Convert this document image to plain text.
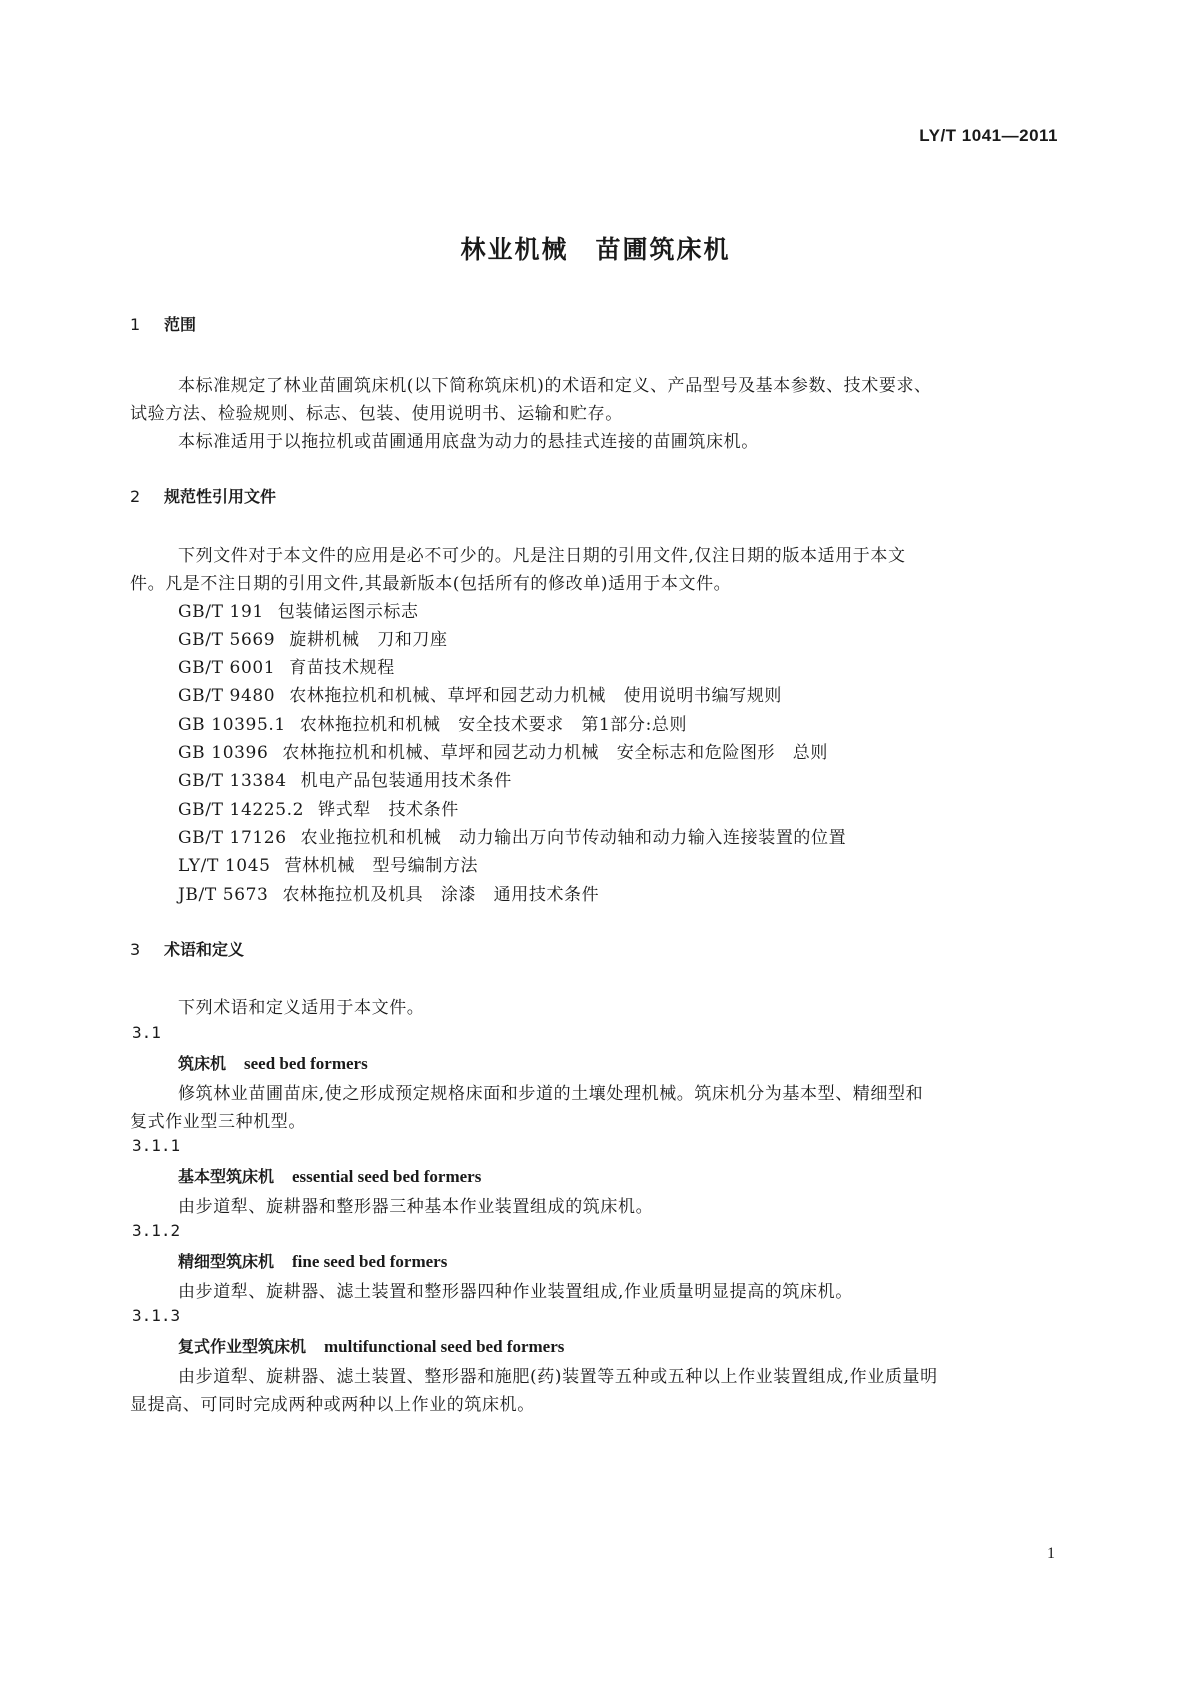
LY/T 1041—2011
林业机械　苗圃筑床机
1 范围
本标准规定了林业苗圃筑床机(以下简称筑床机)的术语和定义、产品型号及基本参数、技术要求、
试验方法、检验规则、标志、包装、使用说明书、运输和贮存。
本标准适用于以拖拉机或苗圃通用底盘为动力的悬挂式连接的苗圃筑床机。
2 规范性引用文件
下列文件对于本文件的应用是必不可少的。凡是注日期的引用文件,仅注日期的版本适用于本文
件。凡是不注日期的引用文件,其最新版本(包括所有的修改单)适用于本文件。
GB/T 191 包装储运图示标志
GB/T 5669 旋耕机械　刀和刀座
GB/T 6001 育苗技术规程
GB/T 9480 农林拖拉机和机械、草坪和园艺动力机械　使用说明书编写规则
GB 10395.1 农林拖拉机和机械　安全技术要求　第1部分:总则
GB 10396 农林拖拉机和机械、草坪和园艺动力机械　安全标志和危险图形　总则
GB/T 13384 机电产品包装通用技术条件
GB/T 14225.2 铧式犁　技术条件
GB/T 17126 农业拖拉机和机械　动力输出万向节传动轴和动力输入连接装置的位置
LY/T 1045 营林机械　型号编制方法
JB/T 5673 农林拖拉机及机具　涂漆　通用技术条件
3 术语和定义
下列术语和定义适用于本文件。
3.1
筑床机 seed bed formers
修筑林业苗圃苗床,使之形成预定规格床面和步道的土壤处理机械。筑床机分为基本型、精细型和
复式作业型三种机型。
3.1.1
基本型筑床机 essential seed bed formers
由步道犁、旋耕器和整形器三种基本作业装置组成的筑床机。
3.1.2
精细型筑床机 fine seed bed formers
由步道犁、旋耕器、滤土装置和整形器四种作业装置组成,作业质量明显提高的筑床机。
3.1.3
复式作业型筑床机 multifunctional seed bed formers
由步道犁、旋耕器、滤土装置、整形器和施肥(药)装置等五种或五种以上作业装置组成,作业质量明
显提高、可同时完成两种或两种以上作业的筑床机。
1
